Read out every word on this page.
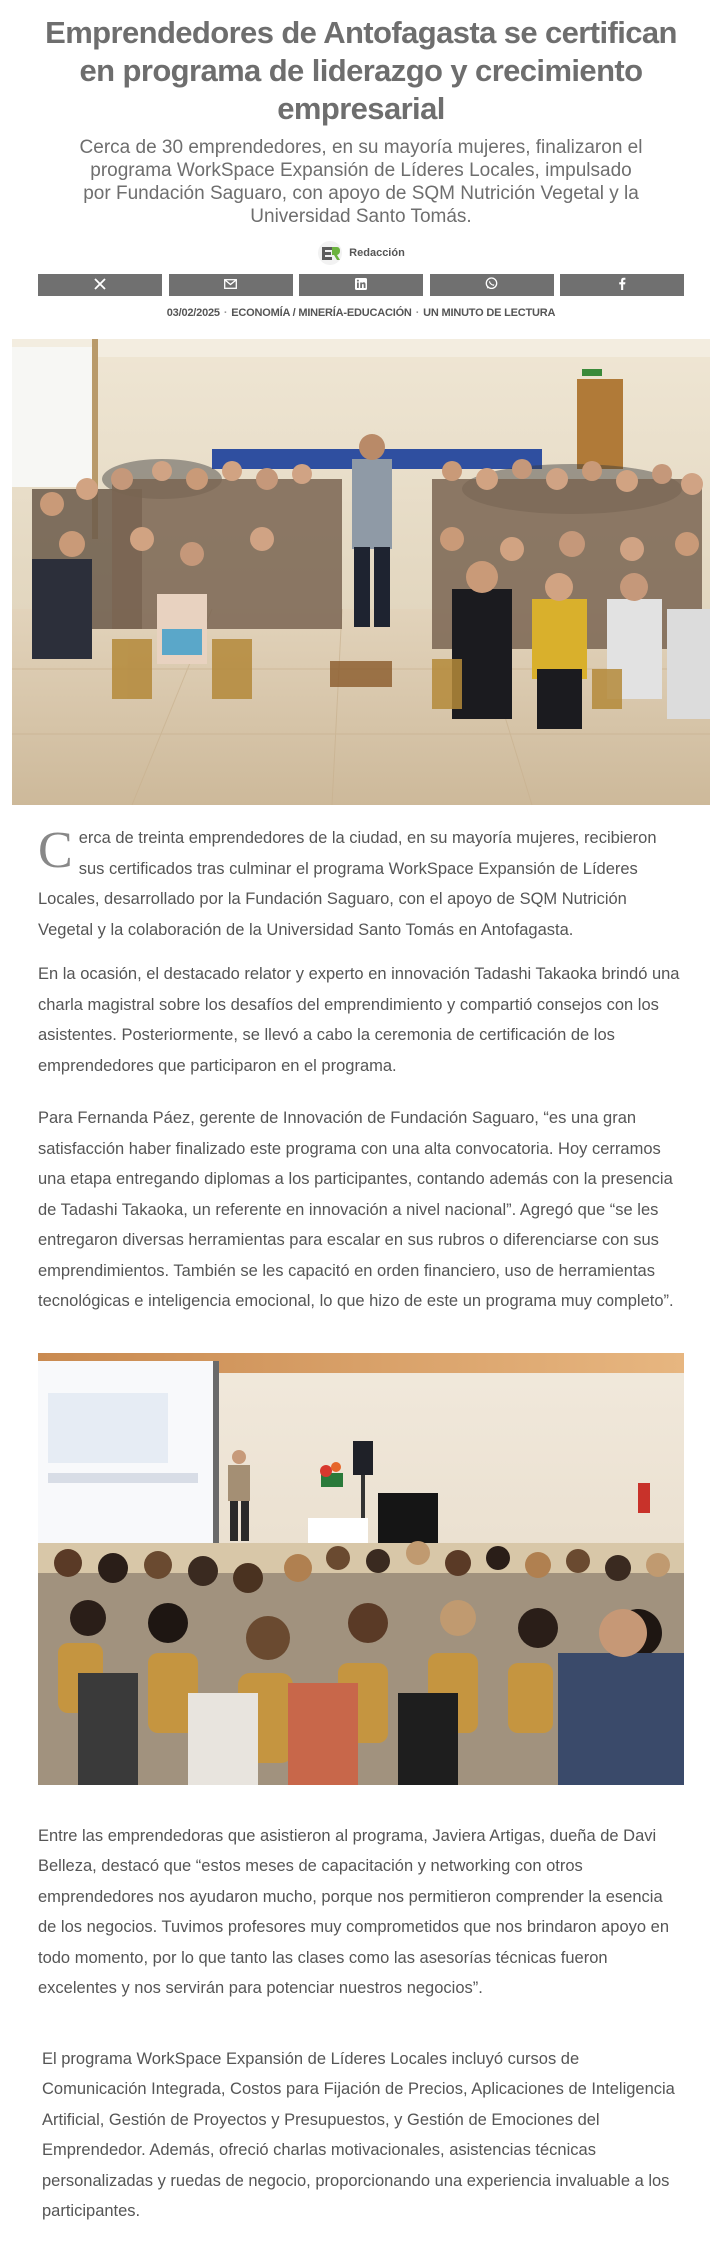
Emprendedores de Antofagasta se certifican en programa de liderazgo y crecimiento empresarial

Cerca de 30 emprendedores, en su mayoría mujeres, finalizaron el programa WorkSpace Expansión de Líderes Locales, impulsado por Fundación Saguaro, con apoyo de SQM Nutrición Vegetal y la Universidad Santo Tomás.

Redacción
03/02/2025 · ECONOMÍA / MINERÍA-EDUCACIÓN · UN MINUTO DE LECTURA

Cerca de treinta emprendedores de la ciudad, en su mayoría mujeres, recibieron sus certificados tras culminar el programa WorkSpace Expansión de Líderes Locales, desarrollado por la Fundación Saguaro, con el apoyo de SQM Nutrición Vegetal y la colaboración de la Universidad Santo Tomás en Antofagasta.

En la ocasión, el destacado relator y experto en innovación Tadashi Takaoka brindó una charla magistral sobre los desafíos del emprendimiento y compartió consejos con los asistentes. Posteriormente, se llevó a cabo la ceremonia de certificación de los emprendedores que participaron en el programa.

Para Fernanda Páez, gerente de Innovación de Fundación Saguaro, “es una gran satisfacción haber finalizado este programa con una alta convocatoria. Hoy cerramos una etapa entregando diplomas a los participantes, contando además con la presencia de Tadashi Takaoka, un referente en innovación a nivel nacional”. Agregó que “se les entregaron diversas herramientas para escalar en sus rubros o diferenciarse con sus emprendimientos. También se les capacitó en orden financiero, uso de herramientas tecnológicas e inteligencia emocional, lo que hizo de este un programa muy completo”.

Entre las emprendedoras que asistieron al programa, Javiera Artigas, dueña de Davi Belleza, destacó que “estos meses de capacitación y networking con otros emprendedores nos ayudaron mucho, porque nos permitieron comprender la esencia de los negocios. Tuvimos profesores muy comprometidos que nos brindaron apoyo en todo momento, por lo que tanto las clases como las asesorías técnicas fueron excelentes y nos servirán para potenciar nuestros negocios”.

El programa WorkSpace Expansión de Líderes Locales incluyó cursos de Comunicación Integrada, Costos para Fijación de Precios, Aplicaciones de Inteligencia Artificial, Gestión de Proyectos y Presupuestos, y Gestión de Emociones del Emprendedor. Además, ofreció charlas motivacionales, asistencias técnicas personalizadas y ruedas de negocio, proporcionando una experiencia invaluable a los participantes.
